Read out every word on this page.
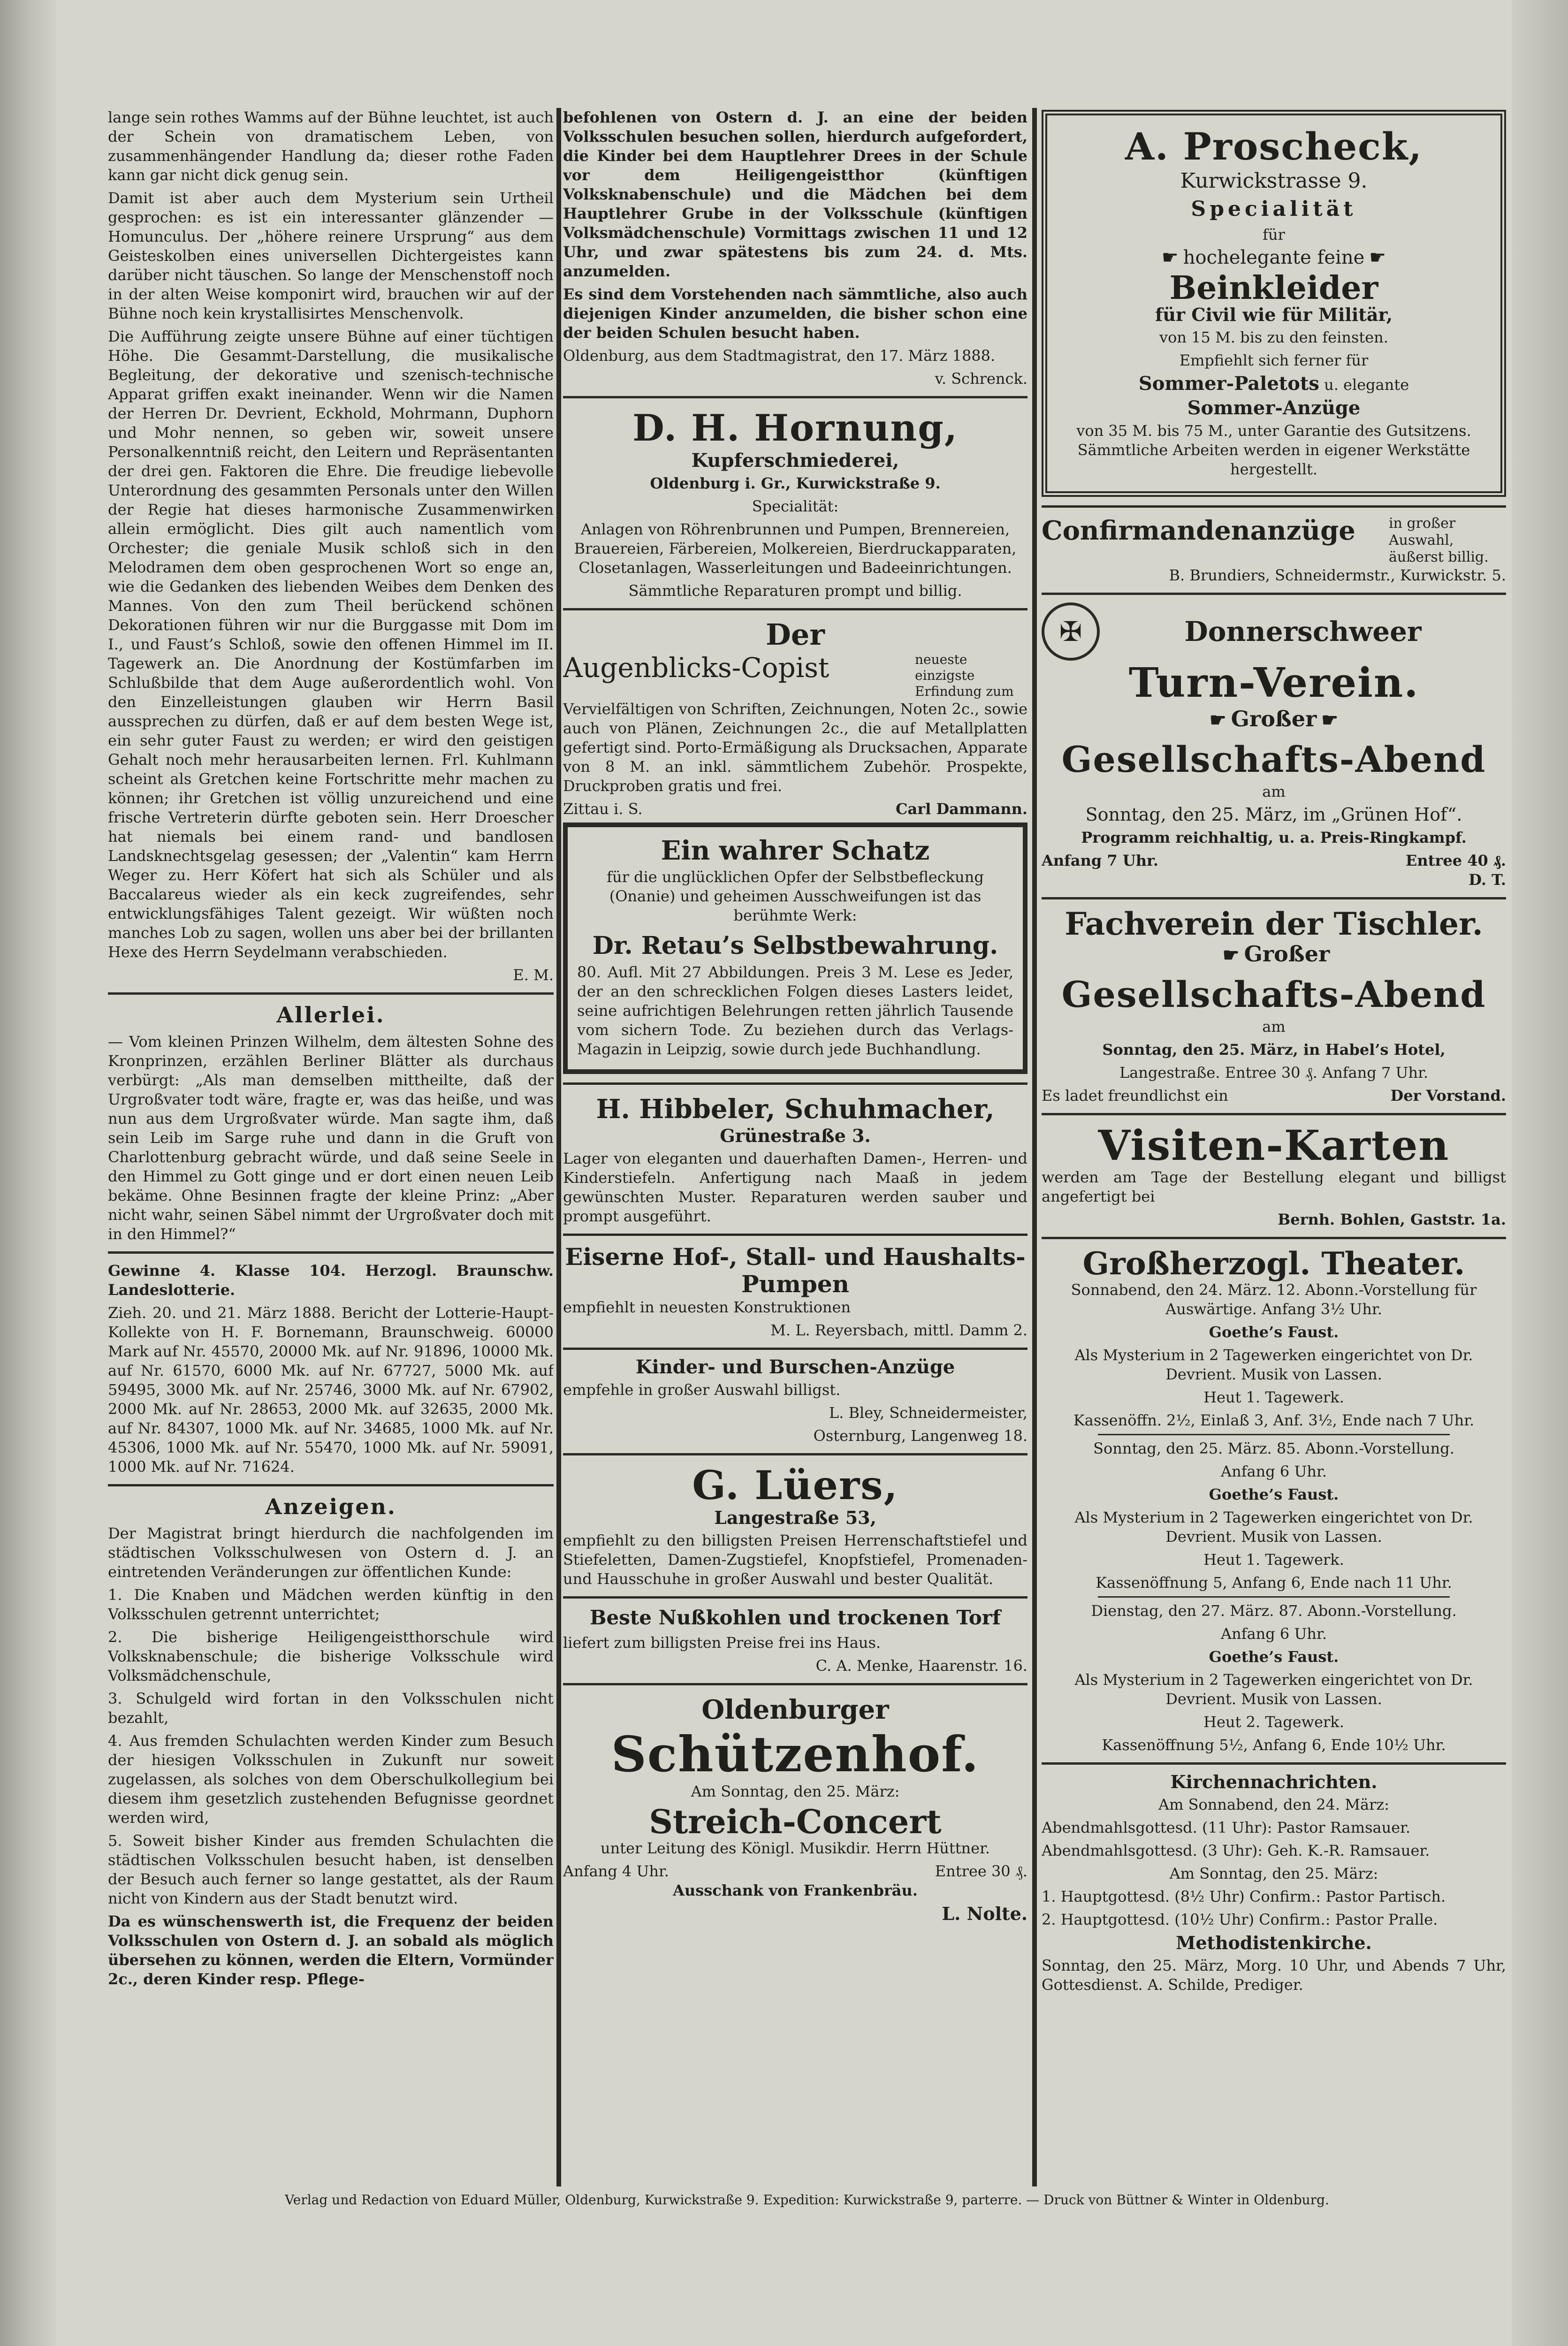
lange sein rothes Wamms auf der Bühne leuchtet, ist auch der Schein von dramatischem Leben, von zusammenhängender Handlung da; dieser rothe Faden kann gar nicht dick genug sein.

Damit ist aber auch dem Mysterium sein Urtheil gesprochen: es ist ein interessanter glänzender — Homunculus. Der „höhere reinere Ursprung“ aus dem Geisteskolben eines universellen Dichtergeistes kann darüber nicht täuschen. So lange der Menschenstoff noch in der alten Weise komponirt wird, brauchen wir auf der Bühne noch kein krystallisirtes Menschenvolk.

Die Aufführung zeigte unsere Bühne auf einer tüchtigen Höhe. Die Gesammt-Darstellung, die musikalische Begleitung, der dekorative und szenisch-technische Apparat griffen exakt ineinander. Wenn wir die Namen der Herren Dr. Devrient, Eckhold, Mohrmann, Duphorn und Mohr nennen, so geben wir, soweit unsere Personalkenntniß reicht, den Leitern und Repräsentanten der drei gen. Faktoren die Ehre. Die freudige liebevolle Unterordnung des gesammten Personals unter den Willen der Regie hat dieses harmonische Zusammenwirken allein ermöglicht. Dies gilt auch namentlich vom Orchester; die geniale Musik schloß sich in den Melodramen dem oben gesprochenen Wort so enge an, wie die Gedanken des liebenden Weibes dem Denken des Mannes. Von den zum Theil berückend schönen Dekorationen führen wir nur die Burggasse mit Dom im I., und Faust’s Schloß, sowie den offenen Himmel im II. Tagewerk an. Die Anordnung der Kostümfarben im Schlußbilde that dem Auge außerordentlich wohl. Von den Einzelleistungen glauben wir Herrn Basil aussprechen zu dürfen, daß er auf dem besten Wege ist, ein sehr guter Faust zu werden; er wird den geistigen Gehalt noch mehr herausarbeiten lernen. Frl. Kuhlmann scheint als Gretchen keine Fortschritte mehr machen zu können; ihr Gretchen ist völlig unzureichend und eine frische Vertreterin dürfte geboten sein. Herr Droescher hat niemals bei einem rand- und bandlosen Landsknechtsgelag gesessen; der „Valentin“ kam Herrn Weger zu. Herr Köfert hat sich als Schüler und als Baccalareus wieder als ein keck zugreifendes, sehr entwicklungsfähiges Talent gezeigt. Wir wüßten noch manches Lob zu sagen, wollen uns aber bei der brillanten Hexe des Herrn Seydelmann verabschieden.

E. M.

Allerlei.

— Vom kleinen Prinzen Wilhelm, dem ältesten Sohne des Kronprinzen, erzählen Berliner Blätter als durchaus verbürgt: „Als man demselben mittheilte, daß der Urgroßvater todt wäre, fragte er, was das heiße, und was nun aus dem Urgroßvater würde. Man sagte ihm, daß sein Leib im Sarge ruhe und dann in die Gruft von Charlottenburg gebracht würde, und daß seine Seele in den Himmel zu Gott ginge und er dort einen neuen Leib bekäme. Ohne Besinnen fragte der kleine Prinz: „Aber nicht wahr, seinen Säbel nimmt der Urgroßvater doch mit in den Himmel?“

Gewinne 4. Klasse 104. Herzogl. Braunschw. Landeslotterie.

Zieh. 20. und 21. März 1888. Bericht der Lotterie-Haupt-Kollekte von H. F. Bornemann, Braunschweig. 60000 Mark auf Nr. 45570, 20000 Mk. auf Nr. 91896, 10000 Mk. auf Nr. 61570, 6000 Mk. auf Nr. 67727, 5000 Mk. auf 59495, 3000 Mk. auf Nr. 25746, 3000 Mk. auf Nr. 67902, 2000 Mk. auf Nr. 28653, 2000 Mk. auf 32635, 2000 Mk. auf Nr. 84307, 1000 Mk. auf Nr. 34685, 1000 Mk. auf Nr. 45306, 1000 Mk. auf Nr. 55470, 1000 Mk. auf Nr. 59091, 1000 Mk. auf Nr. 71624.

Anzeigen.

Der Magistrat bringt hierdurch die nachfolgenden im städtischen Volksschulwesen von Ostern d. J. an eintretenden Veränderungen zur öffentlichen Kunde:

1. Die Knaben und Mädchen werden künftig in den Volksschulen getrennt unterrichtet;

2. Die bisherige Heiligengeistthorschule wird Volksknabenschule; die bisherige Volksschule wird Volksmädchenschule,

3. Schulgeld wird fortan in den Volksschulen nicht bezahlt,

4. Aus fremden Schulachten werden Kinder zum Besuch der hiesigen Volksschulen in Zukunft nur soweit zugelassen, als solches von dem Oberschulkollegium bei diesem ihm gesetzlich zustehenden Befugnisse geordnet werden wird,

5. Soweit bisher Kinder aus fremden Schulachten die städtischen Volksschulen besucht haben, ist denselben der Besuch auch ferner so lange gestattet, als der Raum nicht von Kindern aus der Stadt benutzt wird.

Da es wünschenswerth ist, die Frequenz der beiden Volksschulen von Ostern d. J. an sobald als möglich übersehen zu können, werden die Eltern, Vormünder 2c., deren Kinder resp. Pflege-

befohlenen von Ostern d. J. an eine der beiden Volksschulen besuchen sollen, hierdurch aufgefordert, die Kinder bei dem Hauptlehrer Drees in der Schule vor dem Heiligengeistthor (künftigen Volksknabenschule) und die Mädchen bei dem Hauptlehrer Grube in der Volksschule (künftigen Volksmädchenschule) Vormittags zwischen 11 und 12 Uhr, und zwar spätestens bis zum 24. d. Mts. anzumelden.

Es sind dem Vorstehenden nach sämmtliche, also auch diejenigen Kinder anzumelden, die bisher schon eine der beiden Schulen besucht haben.

Oldenburg, aus dem Stadtmagistrat, den 17. März 1888.

v. Schrenck.

D. H. Hornung,

Kupferschmiederei,

Oldenburg i. Gr., Kurwickstraße 9.

Specialität:

Anlagen von Röhrenbrunnen und Pumpen, Brennereien, Brauereien, Färbereien, Molkereien, Bierdruckapparaten, Closetanlagen, Wasserleitungen und Badeeinrichtungen.

Sämmtliche Reparaturen prompt und billig.

Der
Augenblicks-Copist	neueste einzigste Erfindung zum

Vervielfältigen von Schriften, Zeichnungen, Noten 2c., sowie auch von Plänen, Zeichnungen 2c., die auf Metallplatten gefertigt sind. Porto-Ermäßigung als Drucksachen, Apparate von 8 M. an inkl. sämmtlichem Zubehör. Prospekte, Druckproben gratis und frei.

Zittau i. S.	Carl Dammann.
Ein wahrer Schatz

für die unglücklichen Opfer der Selbstbefleckung (Onanie) und geheimen Ausschweifungen ist das berühmte Werk:

Dr. Retau’s Selbstbewahrung.

80. Aufl. Mit 27 Abbildungen. Preis 3 M. Lese es Jeder, der an den schrecklichen Folgen dieses Lasters leidet, seine aufrichtigen Belehrungen retten jährlich Tausende vom sichern Tode. Zu beziehen durch das Verlags-Magazin in Leipzig, sowie durch jede Buchhandlung.

H. Hibbeler, Schuhmacher,

Grünestraße 3.

Lager von eleganten und dauerhaften Damen-, Herren- und Kinderstiefeln. Anfertigung nach Maaß in jedem gewünschten Muster. Reparaturen werden sauber und prompt ausgeführt.

Eiserne Hof-, Stall- und Haushalts-Pumpen

empfiehlt in neuesten Konstruktionen

M. L. Reyersbach, mittl. Damm 2.

Kinder- und Burschen-Anzüge

empfehle in großer Auswahl billigst.

L. Bley, Schneidermeister,

Osternburg, Langenweg 18.

G. Lüers,

Langestraße 53,

empfiehlt zu den billigsten Preisen Herrenschaftstiefel und Stiefeletten, Damen-Zugstiefel, Knopfstiefel, Promenaden- und Hausschuhe in großer Auswahl und bester Qualität.

Beste Nußkohlen und trockenen Torf

liefert zum billigsten Preise frei ins Haus.

C. A. Menke, Haarenstr. 16.

Oldenburger
Schützenhof.

Am Sonntag, den 25. März:

Streich-Concert

unter Leitung des Königl. Musikdir. Herrn Hüttner.

Anfang 4 Uhr.	Entree 30 ₰.

Ausschank von Frankenbräu.

L. Nolte.

A. Proscheck,

Kurwickstrasse 9.

Specialität

für

☛ hochelegante feine ☛

Beinkleider

für Civil wie für Militär,

von 15 M. bis zu den feinsten.

Empfiehlt sich ferner für

Sommer-Paletots u. elegante

Sommer-Anzüge

von 35 M. bis 75 M., unter Garantie des Gutsitzens. Sämmtliche Arbeiten werden in eigener Werkstätte hergestellt.

Confirmandenanzüge in großer Auswahl, äußerst billig.

B. Brundiers, Schneidermstr., Kurwickstr. 5.

✠	Donnerschweer
Turn-Verein.

☛ Großer ☛

Gesellschafts-Abend

am

Sonntag, den 25. März, im „Grünen Hof“.

Programm reichhaltig, u. a. Preis-Ringkampf.

Anfang 7 Uhr.	Entree 40 ₰.

D. T.

Fachverein der Tischler.

☛ Großer

Gesellschafts-Abend

am

Sonntag, den 25. März, in Habel’s Hotel,

Langestraße. Entree 30 ₰. Anfang 7 Uhr.

Es ladet freundlichst ein	Der Vorstand.
Visiten-Karten

werden am Tage der Bestellung elegant und billigst angefertigt bei

Bernh. Bohlen, Gaststr. 1a.

Großherzogl. Theater.

Sonnabend, den 24. März. 12. Abonn.-Vorstellung für Auswärtige. Anfang 3½ Uhr.

Goethe’s Faust.

Als Mysterium in 2 Tagewerken eingerichtet von Dr. Devrient. Musik von Lassen.

Heut 1. Tagewerk.

Kassenöffn. 2½, Einlaß 3, Anf. 3½, Ende nach 7 Uhr.

Sonntag, den 25. März. 85. Abonn.-Vorstellung.

Anfang 6 Uhr.

Goethe’s Faust.

Als Mysterium in 2 Tagewerken eingerichtet von Dr. Devrient. Musik von Lassen.

Heut 1. Tagewerk.

Kassenöffnung 5, Anfang 6, Ende nach 11 Uhr.

Dienstag, den 27. März. 87. Abonn.-Vorstellung.

Anfang 6 Uhr.

Goethe’s Faust.

Als Mysterium in 2 Tagewerken eingerichtet von Dr. Devrient. Musik von Lassen.

Heut 2. Tagewerk.

Kassenöffnung 5½, Anfang 6, Ende 10½ Uhr.

Kirchennachrichten.

Am Sonnabend, den 24. März:

Abendmahlsgottesd. (11 Uhr): Pastor Ramsauer.

Abendmahlsgottesd. (3 Uhr): Geh. K.-R. Ramsauer.

Am Sonntag, den 25. März:

1. Hauptgottesd. (8½ Uhr) Confirm.: Pastor Partisch.

2. Hauptgottesd. (10½ Uhr) Confirm.: Pastor Pralle.

Methodistenkirche.

Sonntag, den 25. März, Morg. 10 Uhr, und Abends 7 Uhr, Gottesdienst. A. Schilde, Prediger.

Verlag und Redaction von Eduard Müller, Oldenburg, Kurwickstraße 9. Expedition: Kurwickstraße 9, parterre. — Druck von Büttner & Winter in Oldenburg.
